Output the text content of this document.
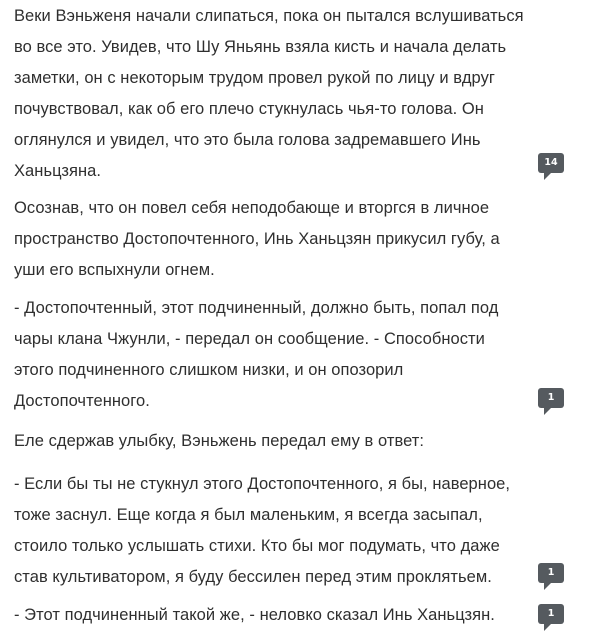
Веки Вэньженя начали слипаться, пока он пытался вслушиваться
во все это. Увидев, что Шу Яньянь взяла кисть и начала делать
заметки, он с некоторым трудом провел рукой по лицу и вдруг
почувствовал, как об его плечо стукнулась чья-то голова. Он
оглянулся и увидел, что это была голова задремавшего Инь
Ханьцзяна.	14

Осознав, что он повел себя неподобающе и вторгся в личное
пространство Достопочтенного, Инь Ханьцзян прикусил губу, а
уши его вспыхнули огнем.

- Достопочтенный, этот подчиненный, должно быть, попал под
чары клана Чжунли, - передал он сообщение. - Способности
этого подчиненного слишком низки, и он опозорил
Достопочтенного.	1

Еле сдержав улыбку, Вэньжень передал ему в ответ:

- Если бы ты не стукнул этого Достопочтенного, я бы, наверное,
тоже заснул. Еще когда я был маленьким, я всегда засыпал,
стоило только услышать стихи. Кто бы мог подумать, что даже
став культиватором, я буду бессилен перед этим проклятьем.	1

- Этот подчиненный такой же, - неловко сказал Инь Ханьцзян.	1
